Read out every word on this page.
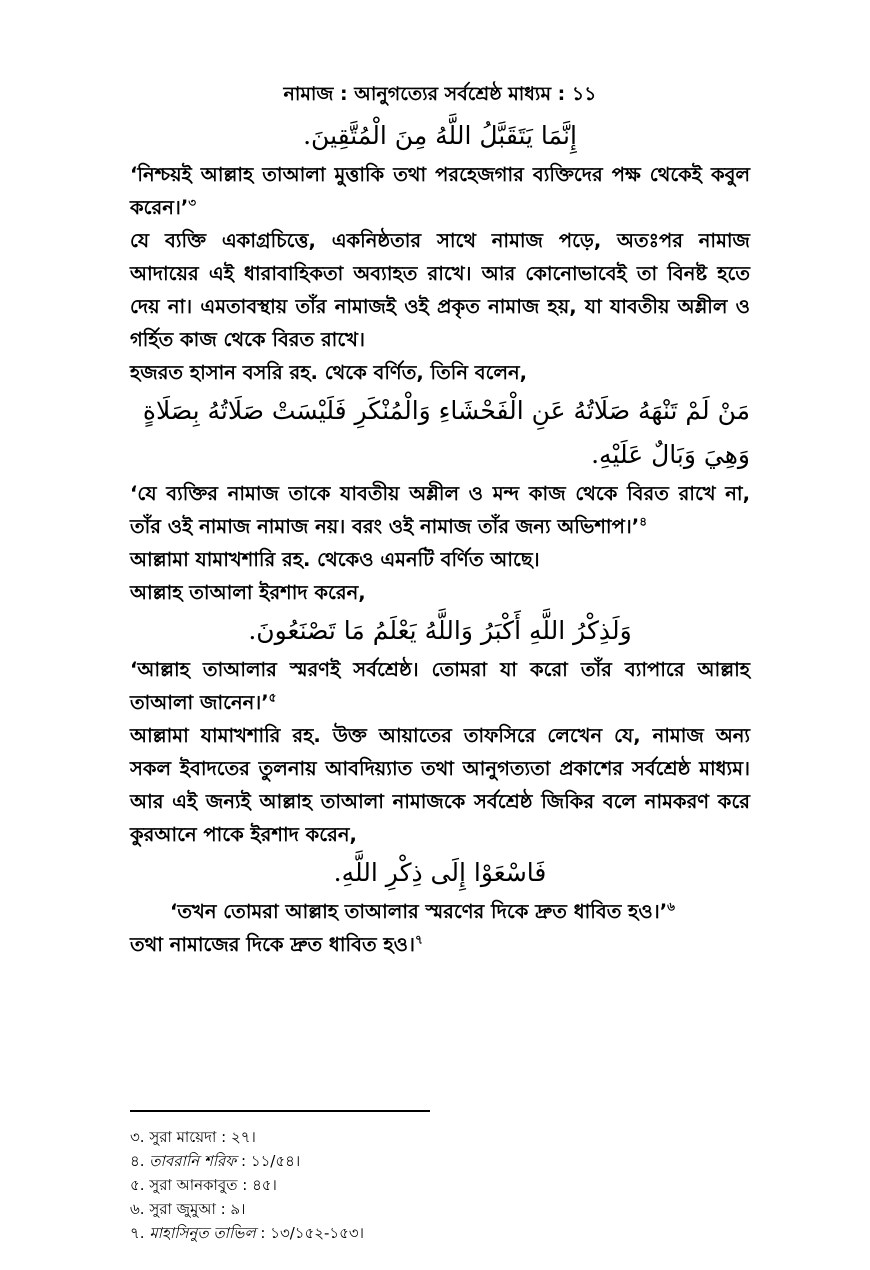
নামাজ : আনুগত্যের সর্বশ্রেষ্ঠ মাধ্যম : ১১
إِنَّمَا يَتَقَبَّلُ اللَّهُ مِنَ الْمُتَّقِينَ.

‘নিশ্চয়ই আল্লাহ তাআলা মুত্তাকি তথা পরহেজগার ব্যক্তিদের পক্ষ থেকেই কবুল করেন।’$^৩$

যে ব্যক্তি একাগ্রচিত্তে, একনিষ্ঠতার সাথে নামাজ পড়ে, অতঃপর নামাজ আদায়ের এই ধারাবাহিকতা অব্যাহত রাখে। আর কোনোভাবেই তা বিনষ্ট হতে দেয় না। এমতাবস্থায় তাঁর নামাজই ওই প্রকৃত নামাজ হয়, যা যাবতীয় অশ্লীল ও গর্হিত কাজ থেকে বিরত রাখে।

হজরত হাসান বসরি রহ. থেকে বর্ণিত, তিনি বলেন,

مَنْ لَمْ تَنْهَهُ صَلَاتُهُ عَنِ الْفَحْشَاءِ وَالْمُنْكَرِ فَلَيْسَتْ صَلَاتُهُ بِصَلَاةٍ وَهِيَ وَبَالٌ عَلَيْهِ.

‘যে ব্যক্তির নামাজ তাকে যাবতীয় অশ্লীল ও মন্দ কাজ থেকে বিরত রাখে না, তাঁর ওই নামাজ নামাজ নয়। বরং ওই নামাজ তাঁর জন্য অভিশাপ।’$^৪$

আল্লামা যামাখশারি রহ. থেকেও এমনটি বর্ণিত আছে।

আল্লাহ তাআলা ইরশাদ করেন,

وَلَذِكْرُ اللَّهِ أَكْبَرُ وَاللَّهُ يَعْلَمُ مَا تَصْنَعُونَ.

‘আল্লাহ তাআলার স্মরণই সর্বশ্রেষ্ঠ। তোমরা যা করো তাঁর ব্যাপারে আল্লাহ তাআলা জানেন।’$^৫$

আল্লামা যামাখশারি রহ. উক্ত আয়াতের তাফসিরে লেখেন যে, নামাজ অন্য সকল ইবাদতের তুলনায় আবদিয়্যাত তথা আনুগত্যতা প্রকাশের সর্বশ্রেষ্ঠ মাধ্যম। আর এই জন্যই আল্লাহ তাআলা নামাজকে সর্বশ্রেষ্ঠ জিকির বলে নামকরণ করে কুরআনে পাকে ইরশাদ করেন,

فَاسْعَوْا إِلَى ذِكْرِ اللَّهِ.

‘তখন তোমরা আল্লাহ তাআলার স্মরণের দিকে দ্রুত ধাবিত হও।’$^৬$

তথা নামাজের দিকে দ্রুত ধাবিত হও।$^৭$

৩. সুরা মায়েদা : ২৭।

৪. তাবরানি শরিফ : ১১/৫৪।

৫. সুরা আনকাবুত : ৪৫।

৬. সুরা জুমুআ : ৯।

৭. মাহাসিনুত তাভিল : ১৩/১৫২-১৫৩।
